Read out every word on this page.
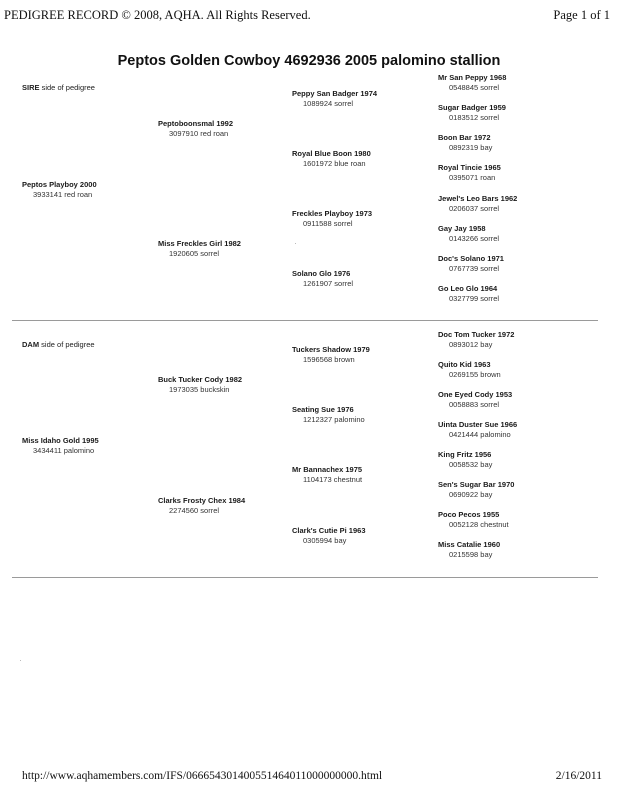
PEDIGREE RECORD © 2008, AQHA. All Rights Reserved.	Page 1 of 1
Peptos Golden Cowboy 4692936 2005 palomino stallion
SIRE side of pedigree
Peptos Playboy 2000
3933141 red roan
Peptoboonsmal 1992
3097910 red roan
Miss Freckles Girl 1982
1920605 sorrel
Peppy San Badger 1974
1089924 sorrel
Royal Blue Boon 1980
1601972 blue roan
Freckles Playboy 1973
0911588 sorrel
Solano Glo 1976
1261907 sorrel
Mr San Peppy 1968
0548845 sorrel
Sugar Badger 1959
0183512 sorrel
Boon Bar 1972
0892319 bay
Royal Tincie 1965
0395071 roan
Jewel's Leo Bars 1962
0206037 sorrel
Gay Jay 1958
0143266 sorrel
Doc's Solano 1971
0767739 sorrel
Go Leo Glo 1964
0327799 sorrel
DAM side of pedigree
Miss Idaho Gold 1995
3434411 palomino
Buck Tucker Cody 1982
1973035 buckskin
Clarks Frosty Chex 1984
2274560 sorrel
Tuckers Shadow 1979
1596568 brown
Seating Sue 1976
1212327 palomino
Mr Bannachex 1975
1104173 chestnut
Clark's Cutie Pi 1963
0305994 bay
Doc Tom Tucker 1972
0893012 bay
Quito Kid 1963
0269155 brown
One Eyed Cody 1953
0058883 sorrel
Uinta Duster Sue 1966
0421444 palomino
King Fritz 1956
0058532 bay
Sen's Sugar Bar 1970
0690922 bay
Poco Pecos 1955
0052128 chestnut
Miss Catalie 1960
0215598 bay
http://www.aqhamembers.com/IFS/066654301400551464011000000000.html	2/16/2011
